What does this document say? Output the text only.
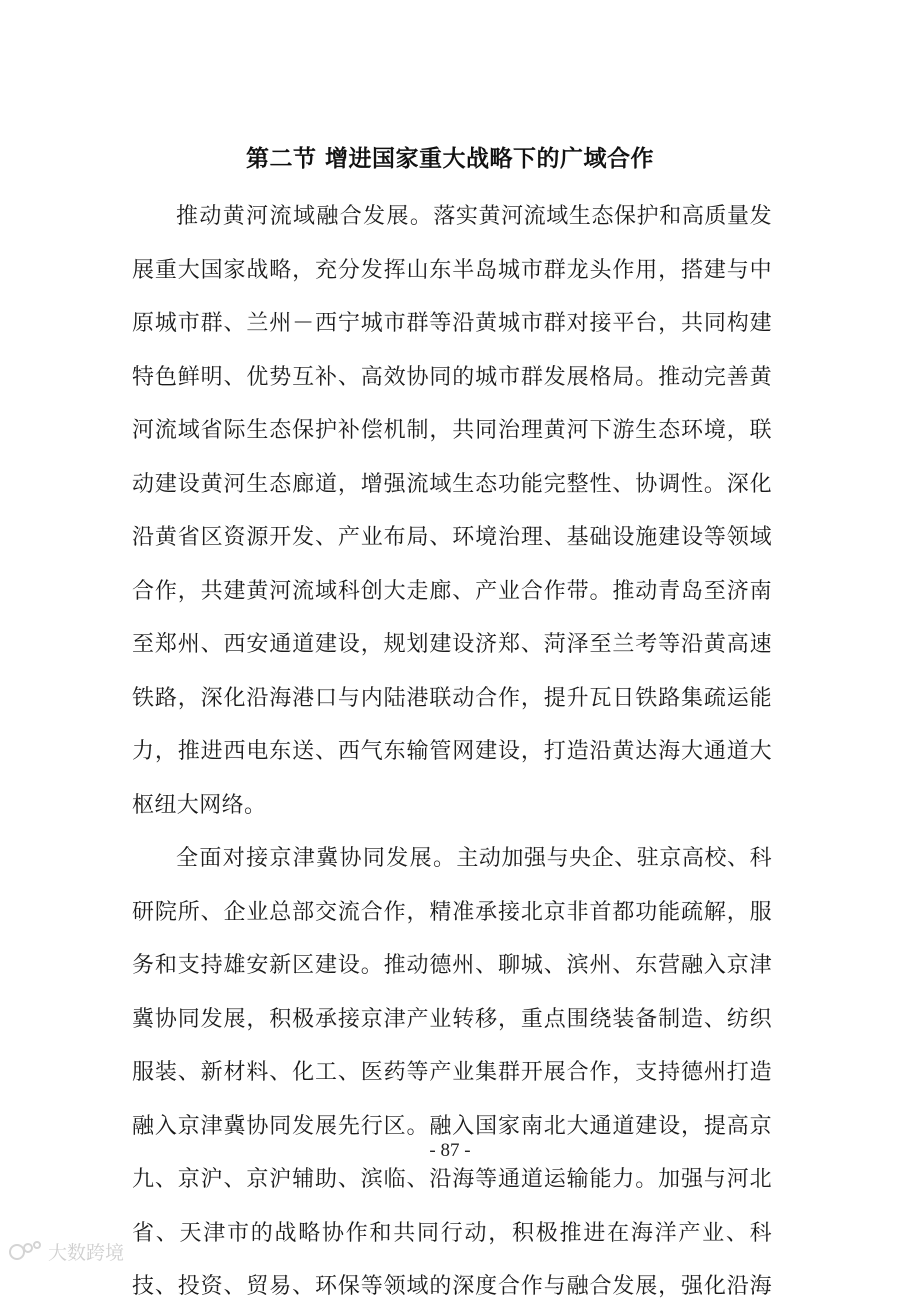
第二节 增进国家重大战略下的广域合作
推动黄河流域融合发展。落实黄河流域生态保护和高质量发
展重大国家战略，充分发挥山东半岛城市群龙头作用，搭建与中
原城市群、兰州－西宁城市群等沿黄城市群对接平台，共同构建
特色鲜明、优势互补、高效协同的城市群发展格局。推动完善黄
河流域省际生态保护补偿机制，共同治理黄河下游生态环境，联
动建设黄河生态廊道，增强流域生态功能完整性、协调性。深化
沿黄省区资源开发、产业布局、环境治理、基础设施建设等领域
合作，共建黄河流域科创大走廊、产业合作带。推动青岛至济南
至郑州、西安通道建设，规划建设济郑、菏泽至兰考等沿黄高速
铁路，深化沿海港口与内陆港联动合作，提升瓦日铁路集疏运能
力，推进西电东送、西气东输管网建设，打造沿黄达海大通道大
枢纽大网络。
全面对接京津冀协同发展。主动加强与央企、驻京高校、科
研院所、企业总部交流合作，精准承接北京非首都功能疏解，服
务和支持雄安新区建设。推动德州、聊城、滨州、东营融入京津
冀协同发展，积极承接京津产业转移，重点围绕装备制造、纺织
服装、新材料、化工、医药等产业集群开展合作，支持德州打造
融入京津冀协同发展先行区。融入国家南北大通道建设，提高京
九、京沪、京沪辅助、滨临、沿海等通道运输能力。加强与河北
省、天津市的战略协作和共同行动，积极推进在海洋产业、科
技、投资、贸易、环保等领域的深度合作与融合发展，强化沿海
- 87 -
大数跨境
